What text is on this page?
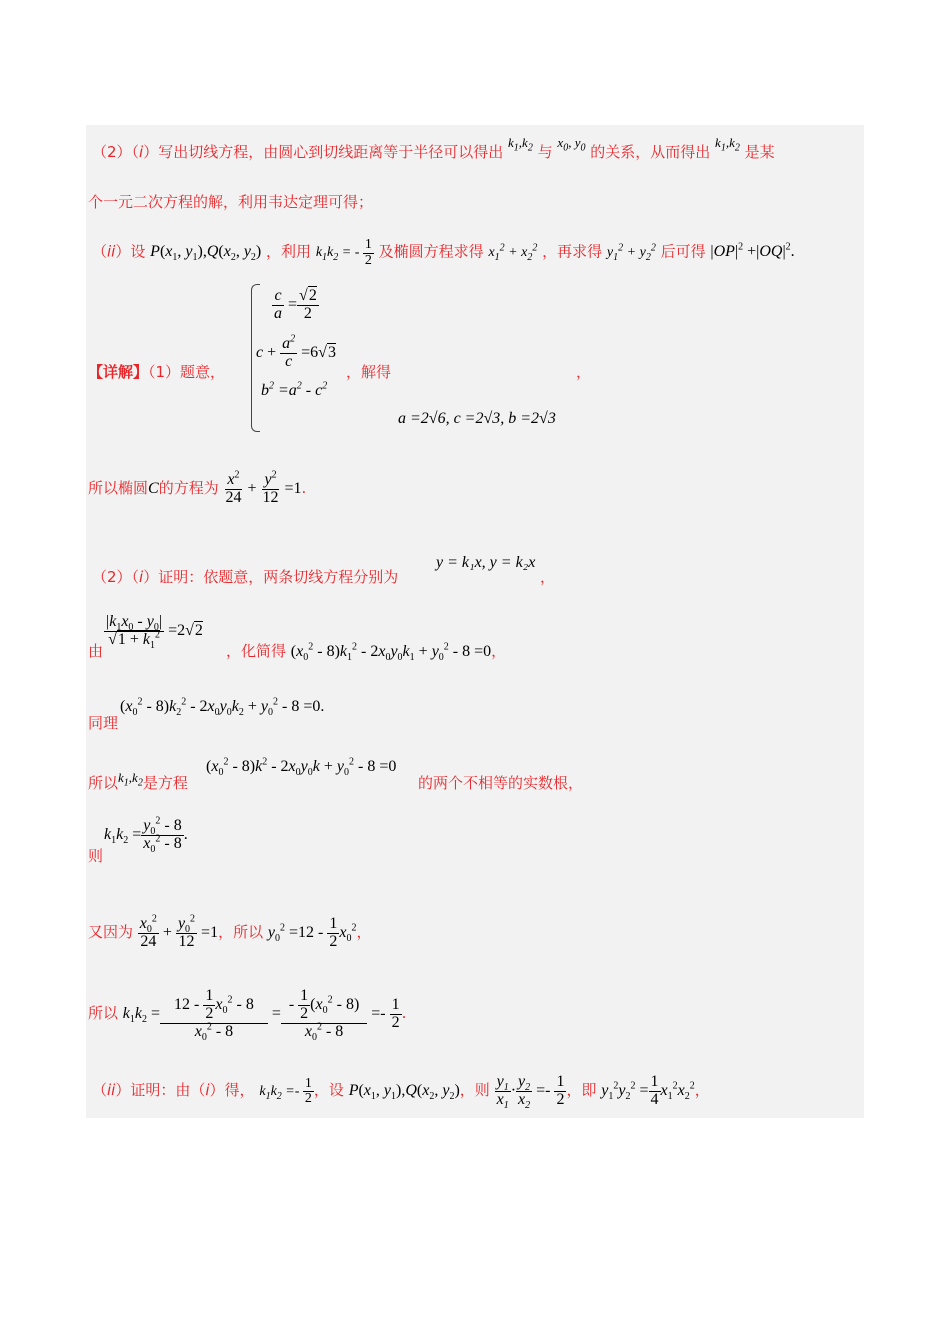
（2）（i）写出切线方程，由圆心到切线距离等于半径可以得出 $k_1,k_2$ 与 $x_0$, $y_0$ 的关系，从而得出 $k_1,k_2$ 是某
个一元二次方程的解，利用韦达定理可得；
（ii）设 $P(x_1$, $y_1),Q(x_2$, $y_2$) ，利用 $k_1k_2$ = - $\frac{1}{2}$ 及椭圆方程求得 $x_1^2 + x_2^2$ ，再求得 $y_1^2 + y_2^2$ 后可得 $|OP|^2 +|OQ|^2$.
$\frac{c}{a} = \frac{√2}{2}$
$c + \frac{a^2}{c} =6√3$
$b^2 =a^2 - c^2$
【详解】（1）题意，	，解得	，
a =2√6, c =2√3, b =2√3
所以椭圆C的方程为 $\frac{x^2}{24} + \frac{y^2}{12} =1$.
（2）（i）证明：依题意，两条切线方程分别为
y = k₁x, y = k₂x
，
$\frac{|k_1x_0 - y_0|}{√1 + k_1^2} =2√2$
由	，化简得 $(x_0^2 - 8)k_1^2 - 2x_0y_0k_1 + y_0^2 - 8 =0$，
同理
$(x_0^2 - 8)k_2^2 - 2x_0y_0k_2 + y_0^2 - 8 =0$.
所以$k_1,k_2$是方程
$(x_0^2 - 8)k^2 - 2x_0y_0k + y_0^2 - 8 =0$
的两个不相等的实数根，
则
$k_1k_2 = \frac{y_0^2 - 8}{x_0^2 - 8}$ .
又因为 $\frac{x_0^2}{24} + \frac{y_0^2}{12} =1$，所以 $y_0^2 =12 - \frac{1}{2} x_0^2$，
所以 $k_1k_2 = \frac{12 - \frac{1}{2} x_0^2 - 8}{x_0^2 - 8} = \frac{- \frac{1}{2} (x_0^2 - 8)}{x_0^2 - 8} =- \frac{1}{2}$ .
（ii）证明：由（i）得， $k_1k_2 =- \frac{1}{2}$ ，设 $P(x_1$, $y_1),Q(x_2$, $y_2$)，则 $\frac{y_1}{x_1} \cdot \frac{y_2}{x_2} =- \frac{1}{2}$ ，即 $y_1^2y_2^2 = \frac{1}{4} x_1^2x_2^2$，
